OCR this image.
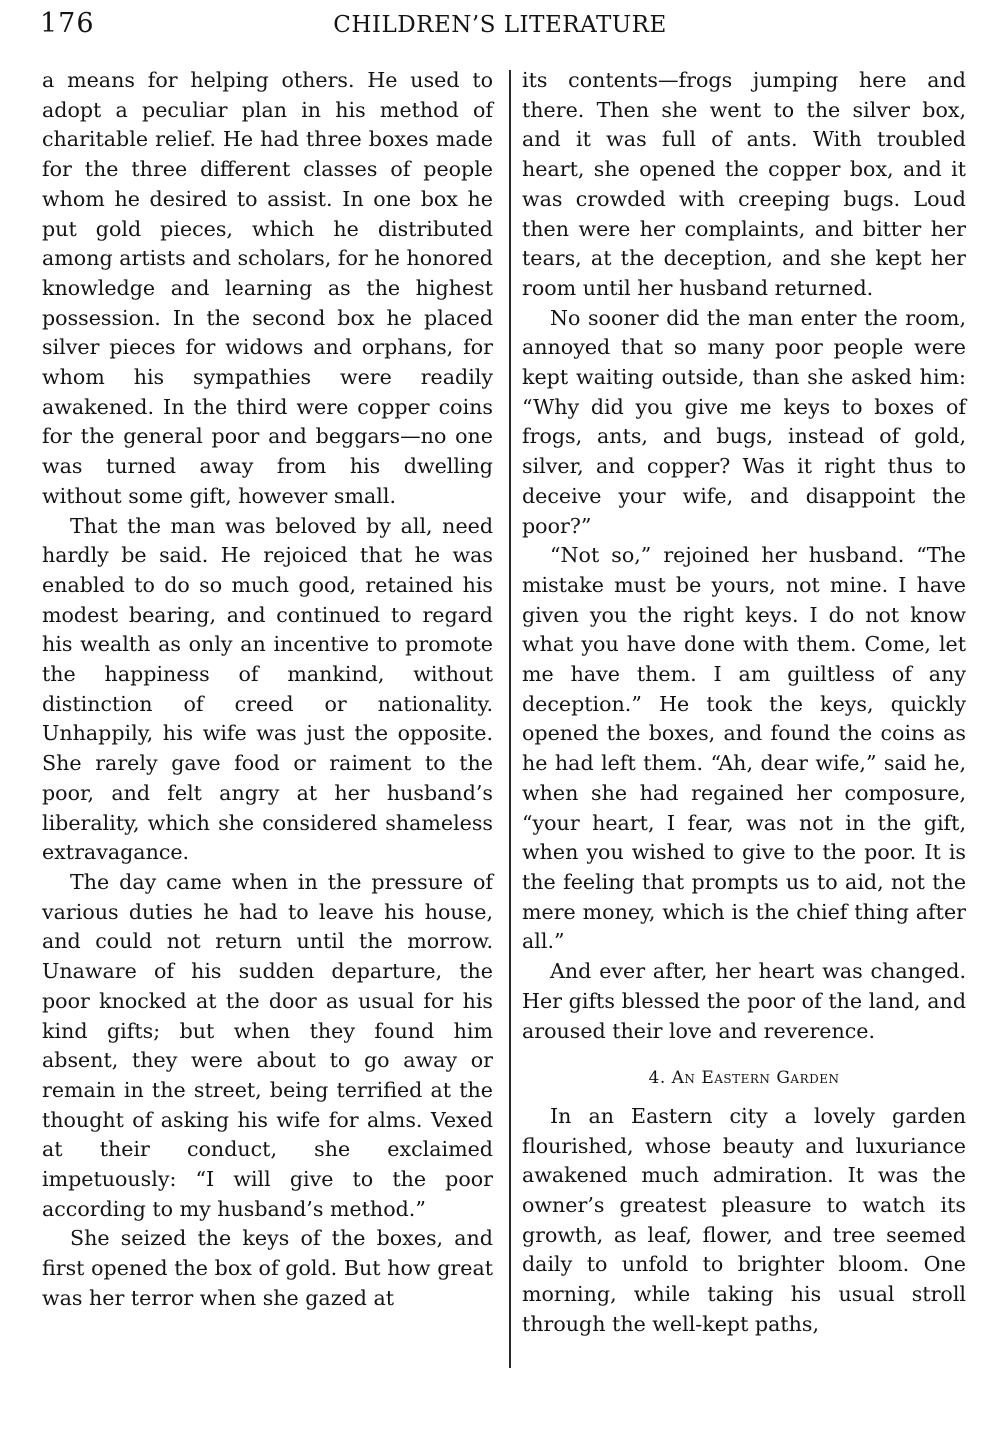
176	CHILDREN’S LITERATURE

a means for helping others. He used to adopt a peculiar plan in his method of charitable relief. He had three boxes made for the three different classes of people whom he desired to assist. In one box he put gold pieces, which he distributed among artists and scholars, for he honored knowledge and learning as the highest possession. In the second box he placed silver pieces for widows and orphans, for whom his sympathies were readily awakened. In the third were copper coins for the general poor and beggars—no one was turned away from his dwelling without some gift, however small.

That the man was beloved by all, need hardly be said. He rejoiced that he was enabled to do so much good, retained his modest bearing, and continued to regard his wealth as only an incentive to promote the happiness of mankind, without distinction of creed or nationality. Unhappily, his wife was just the opposite. She rarely gave food or raiment to the poor, and felt angry at her husband’s liberality, which she considered shameless extravagance.

The day came when in the pressure of various duties he had to leave his house, and could not return until the morrow. Unaware of his sudden departure, the poor knocked at the door as usual for his kind gifts; but when they found him absent, they were about to go away or remain in the street, being terrified at the thought of asking his wife for alms. Vexed at their conduct, she exclaimed impetuously: “I will give to the poor according to my husband’s method.”

She seized the keys of the boxes, and first opened the box of gold. But how great was her terror when she gazed at

its contents—frogs jumping here and there. Then she went to the silver box, and it was full of ants. With troubled heart, she opened the copper box, and it was crowded with creeping bugs. Loud then were her complaints, and bitter her tears, at the deception, and she kept her room until her husband returned.

No sooner did the man enter the room, annoyed that so many poor people were kept waiting outside, than she asked him: “Why did you give me keys to boxes of frogs, ants, and bugs, instead of gold, silver, and copper? Was it right thus to deceive your wife, and disappoint the poor?”

“Not so,” rejoined her husband. “The mistake must be yours, not mine. I have given you the right keys. I do not know what you have done with them. Come, let me have them. I am guiltless of any deception.” He took the keys, quickly opened the boxes, and found the coins as he had left them. “Ah, dear wife,” said he, when she had regained her composure, “your heart, I fear, was not in the gift, when you wished to give to the poor. It is the feeling that prompts us to aid, not the mere money, which is the chief thing after all.”

And ever after, her heart was changed. Her gifts blessed the poor of the land, and aroused their love and reverence.

4. An Eastern Garden

In an Eastern city a lovely garden flourished, whose beauty and luxuriance awakened much admiration. It was the owner’s greatest pleasure to watch its growth, as leaf, flower, and tree seemed daily to unfold to brighter bloom. One morning, while taking his usual stroll through the well-kept paths,
